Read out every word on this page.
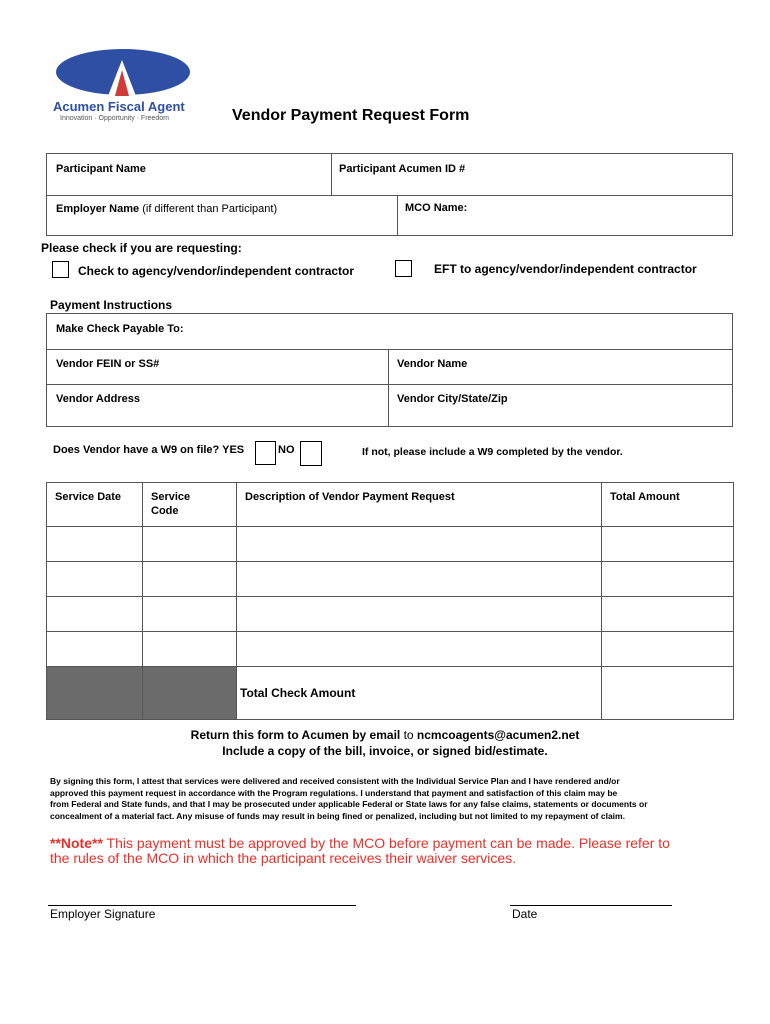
Acumen Fiscal Agent
Innovation · Opportunity · Freedom	Vendor Payment Request Form
Participant Name	Participant Acumen ID #
Employer Name (if different than Participant)	MCO Name:
Please check if you are requesting:
Check to agency/vendor/independent contractor	EFT to agency/vendor/independent contractor
Payment Instructions
Make Check Payable To:
Vendor FEIN or SS#	Vendor Name
Vendor Address	Vendor City/State/Zip
Does Vendor have a W9 on file? YES	NO	If not, please include a W9 completed by the vendor.
Service Date	Service Code	Description of Vendor Payment Request	Total Amount

		Total Check Amount	
Return this form to Acumen by email to ncmcoagents@acumen2.net
Include a copy of the bill, invoice, or signed bid/estimate.
By signing this form, I attest that services were delivered and received consistent with the Individual Service Plan and I have rendered and/or
approved this payment request in accordance with the Program regulations. I understand that payment and satisfaction of this claim may be
from Federal and State funds, and that I may be prosecuted under applicable Federal or State laws for any false claims, statements or documents or
concealment of a material fact. Any misuse of funds may result in being fined or penalized, including but not limited to my repayment of claim.
**Note** This payment must be approved by the MCO before payment can be made. Please refer to
the rules of the MCO in which the participant receives their waiver services.
Employer Signature	Date
